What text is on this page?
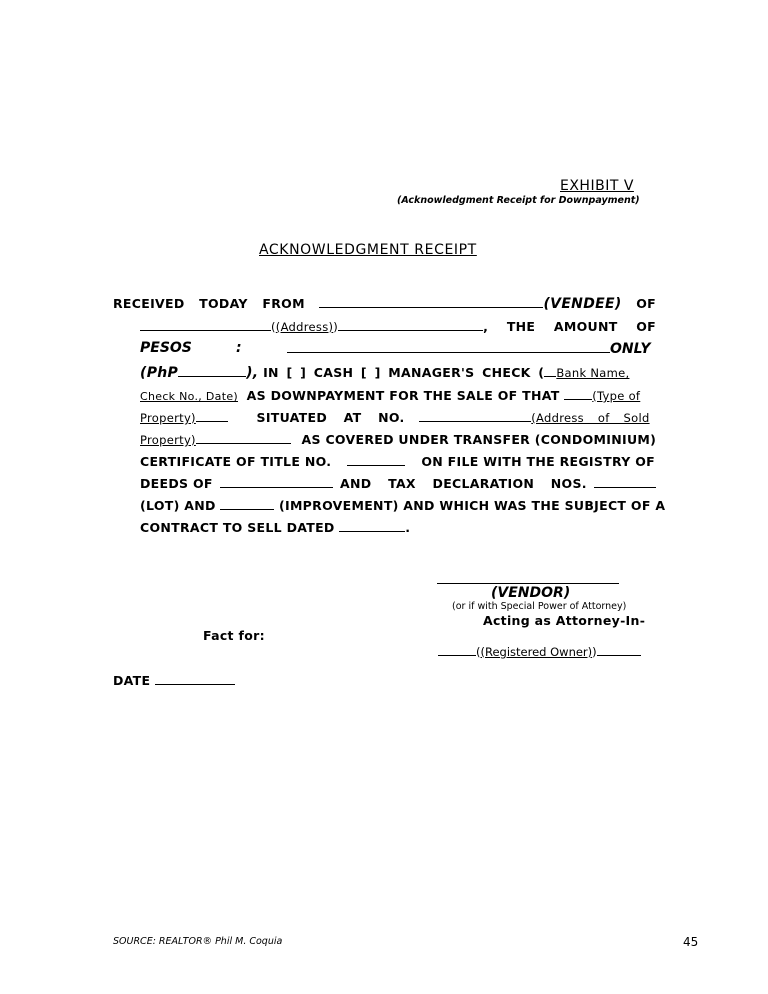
EXHIBIT V
(Acknowledgment Receipt for Downpayment)
ACKNOWLEDGMENT RECEIPT
RECEIVED TODAY FROM	(VENDEE) OF
((Address))	, THE AMOUNT OF
PESOS	:	ONLY
(PhP	), IN [ ] CASH [ ] MANAGER'S CHECK ( Bank Name,
Check No., Date) AS DOWNPAYMENT FOR THE SALE OF THAT	(Type of
Property)	SITUATED AT NO.	(Address of Sold
Property)	AS COVERED UNDER TRANSFER (CONDOMINIUM)
CERTIFICATE OF TITLE NO.	ON FILE WITH THE REGISTRY OF
DEEDS OF	AND TAX DECLARATION NOS.
(LOT) AND	(IMPROVEMENT) AND WHICH WAS THE SUBJECT OF A
CONTRACT TO SELL DATED	.
(VENDOR)
(or if with Special Power of Attorney)
Acting as Attorney-In-
Fact for:
((Registered Owner))
DATE
SOURCE: REALTOR® Phil M. Coquia	45
